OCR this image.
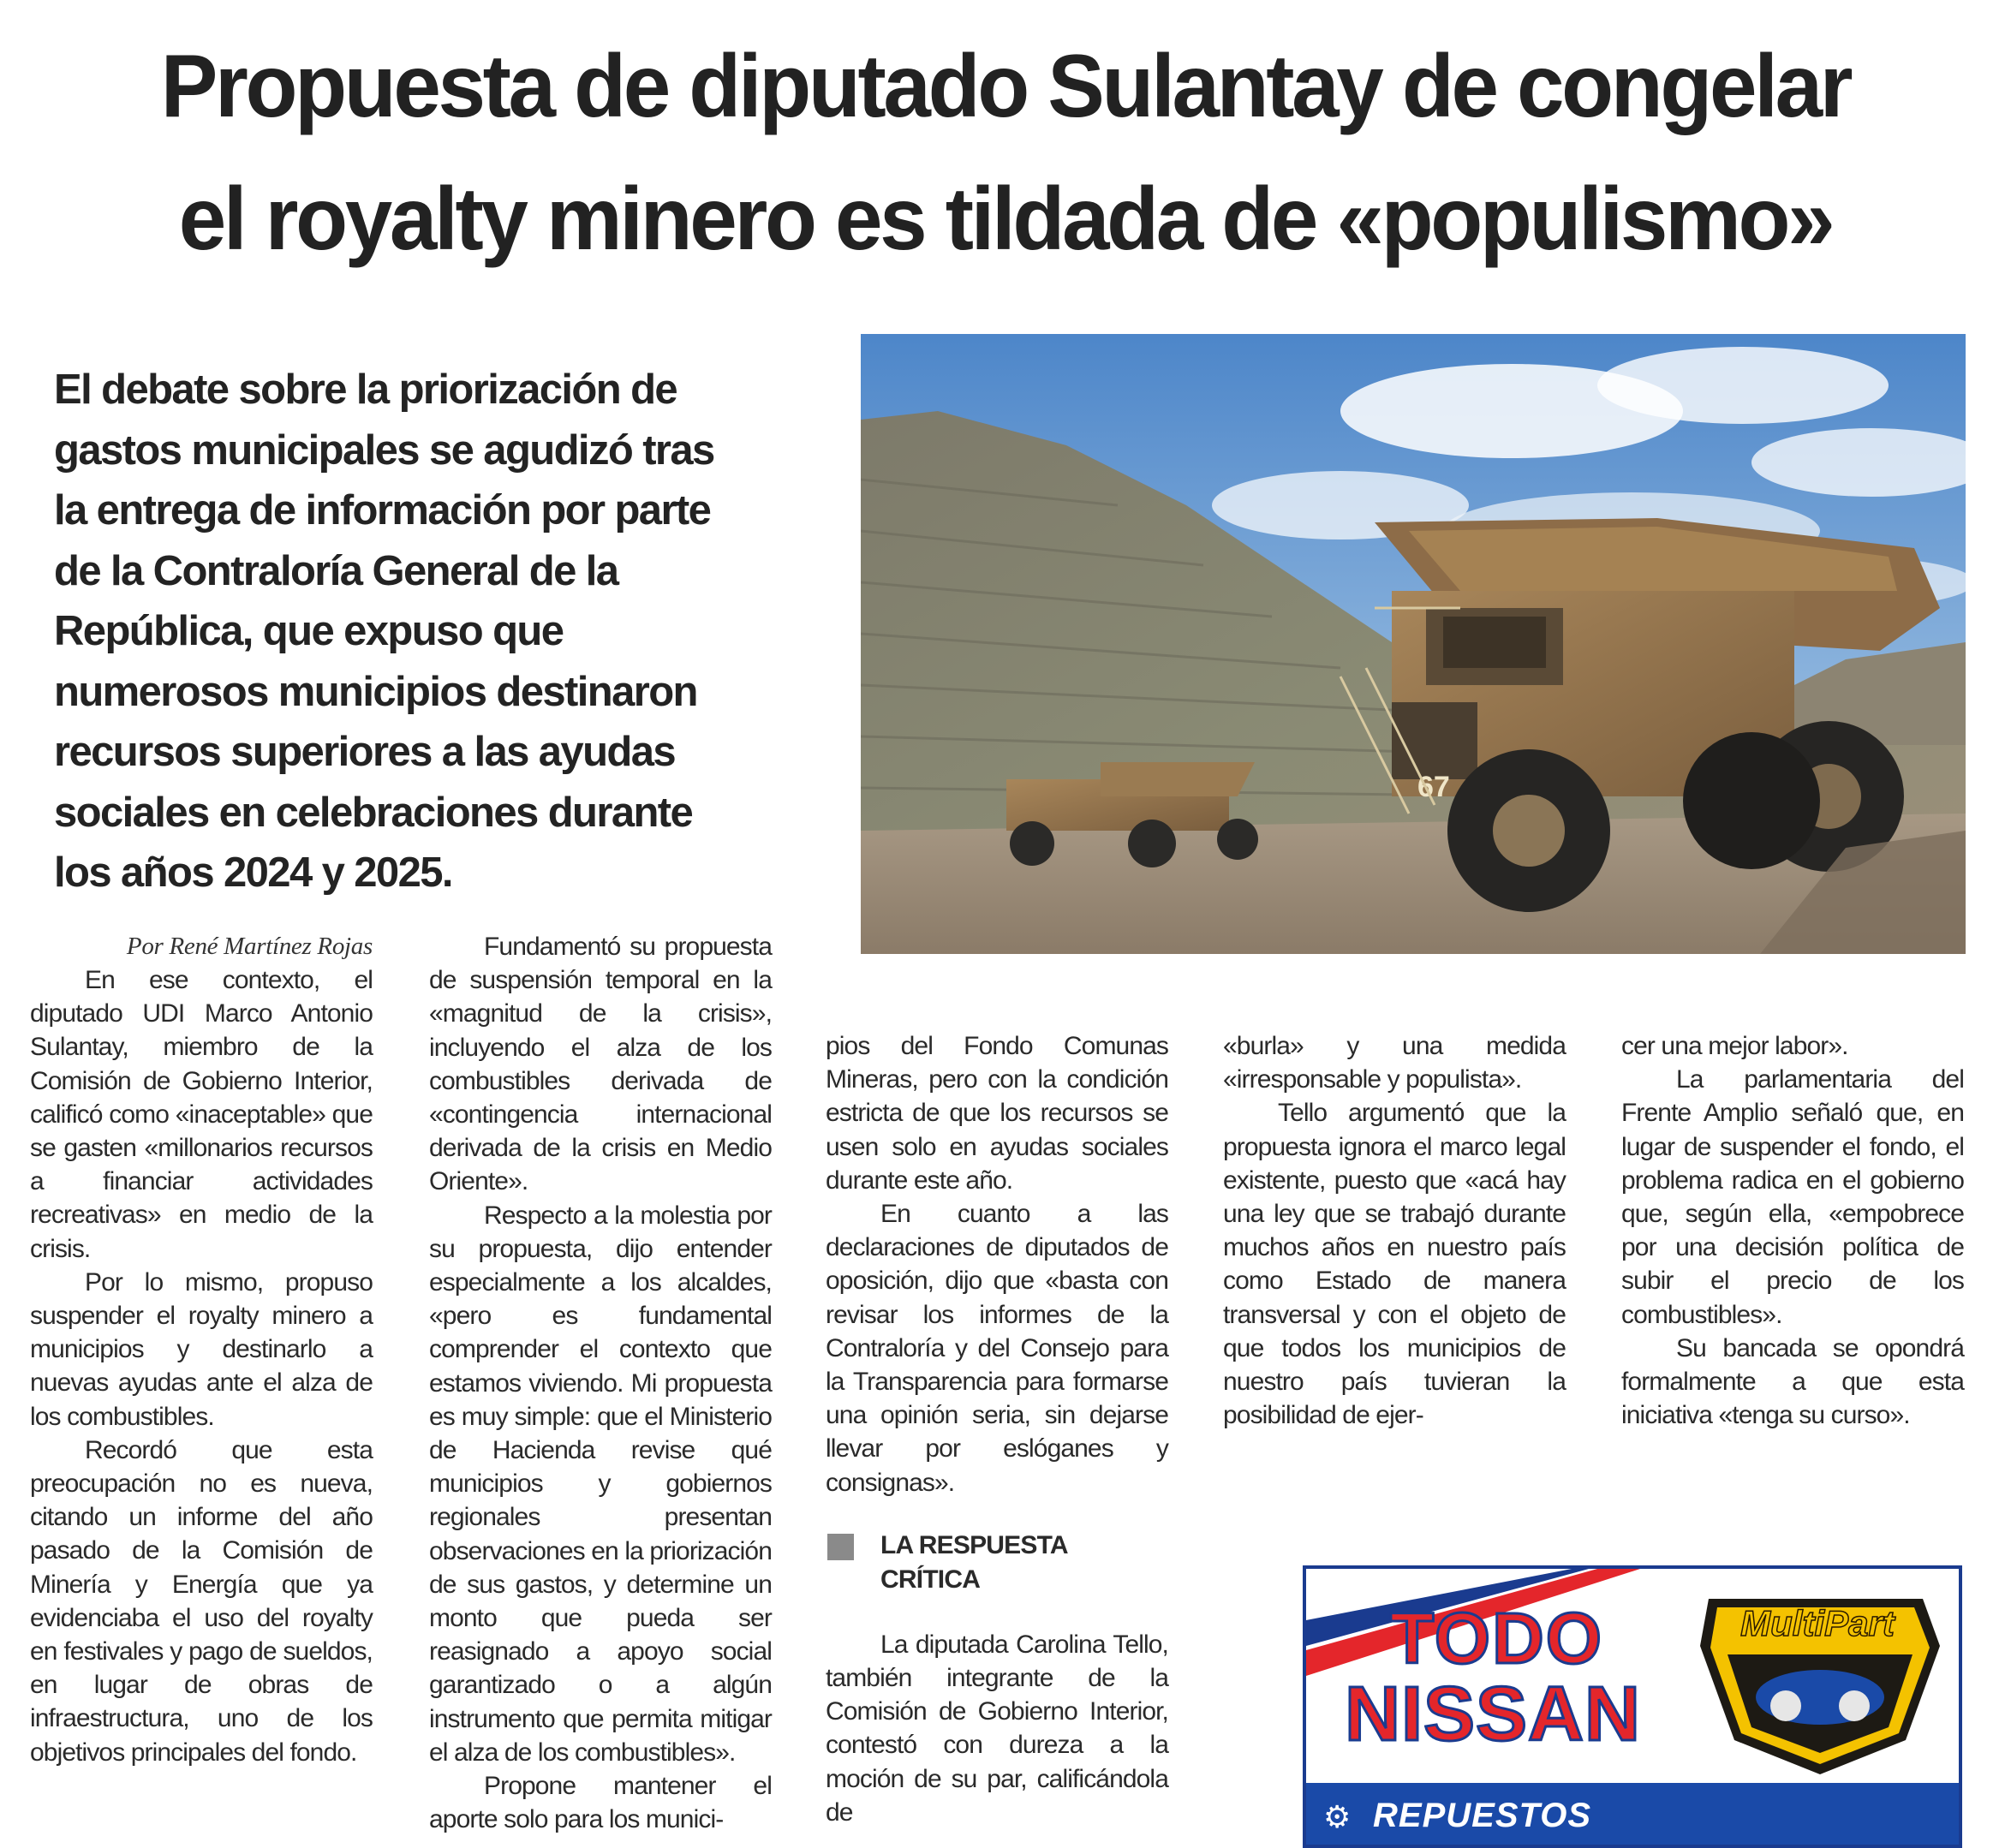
Propuesta de diputado Sulantay de congelar
el royalty minero es tildada de «populismo»

El debate sobre la priorización de gastos municipales se agudizó tras la entrega de información por parte de la Contraloría General de la República, que expuso que numerosos municipios destinaron recursos superiores a las ayudas sociales en celebraciones durante los años 2024 y 2025.

67

Por René Martínez Rojas

En ese contexto, el diputado UDI Marco Antonio Sulantay, miembro de la Comisión de Gobierno Interior, calificó como «inaceptable» que se gasten «millonarios recursos a financiar actividades recreativas» en medio de la crisis.

Por lo mismo, propuso suspender el royalty minero a municipios y destinarlo a nuevas ayudas ante el alza de los combustibles.

Recordó que esta preocupación no es nueva, citando un informe del año pasado de la Comisión de Minería y Energía que ya evidenciaba el uso del royalty en festivales y pago de sueldos, en lugar de obras de infraestructura, uno de los objetivos principales del fondo.

Fundamentó su propuesta de suspensión temporal en la «magnitud de la crisis», incluyendo el alza de los combustibles derivada de «contingencia internacional derivada de la crisis en Medio Oriente».

Respecto a la molestia por su propuesta, dijo entender especialmente a los alcaldes, «pero es fundamental comprender el contexto que estamos viviendo. Mi propuesta es muy simple: que el Ministerio de Hacienda revise qué municipios y gobiernos regionales presentan observaciones en la priorización de sus gastos, y determine un monto que pueda ser reasignado a apoyo social garantizado o a algún instrumento que permita mitigar el alza de los combustibles».

Propone mantener el aporte solo para los munici-

pios del Fondo Comunas Mineras, pero con la condición estricta de que los recursos se usen solo en ayudas sociales durante este año.

En cuanto a las declaraciones de diputados de oposición, dijo que «basta con revisar los informes de la Contraloría y del Consejo para la Transparencia para formarse una opinión seria, sin dejarse llevar por eslóganes y consignas».

LA RESPUESTA
CRÍTICA

La diputada Carolina Tello, también integrante de la Comisión de Gobierno Interior, contestó con dureza a la moción de su par, calificándola de

«burla» y una medida «irresponsable y populista».

Tello argumentó que la propuesta ignora el marco legal existente, puesto que «acá hay una ley que se trabajó durante muchos años en nuestro país como Estado de manera transversal y con el objeto de que todos los municipios de nuestro país tuvieran la posibilidad de ejer-

cer una mejor labor».

La parlamentaria del Frente Amplio señaló que, en lugar de suspender el fondo, el problema radica en el gobierno que, según ella, «empobrece por una decisión política de subir el precio de los combustibles».

Su bancada se opondrá formalmente a que esta iniciativa «tenga su curso».

TODO
NISSAN
MultiPart
⚙ REPUESTOS
